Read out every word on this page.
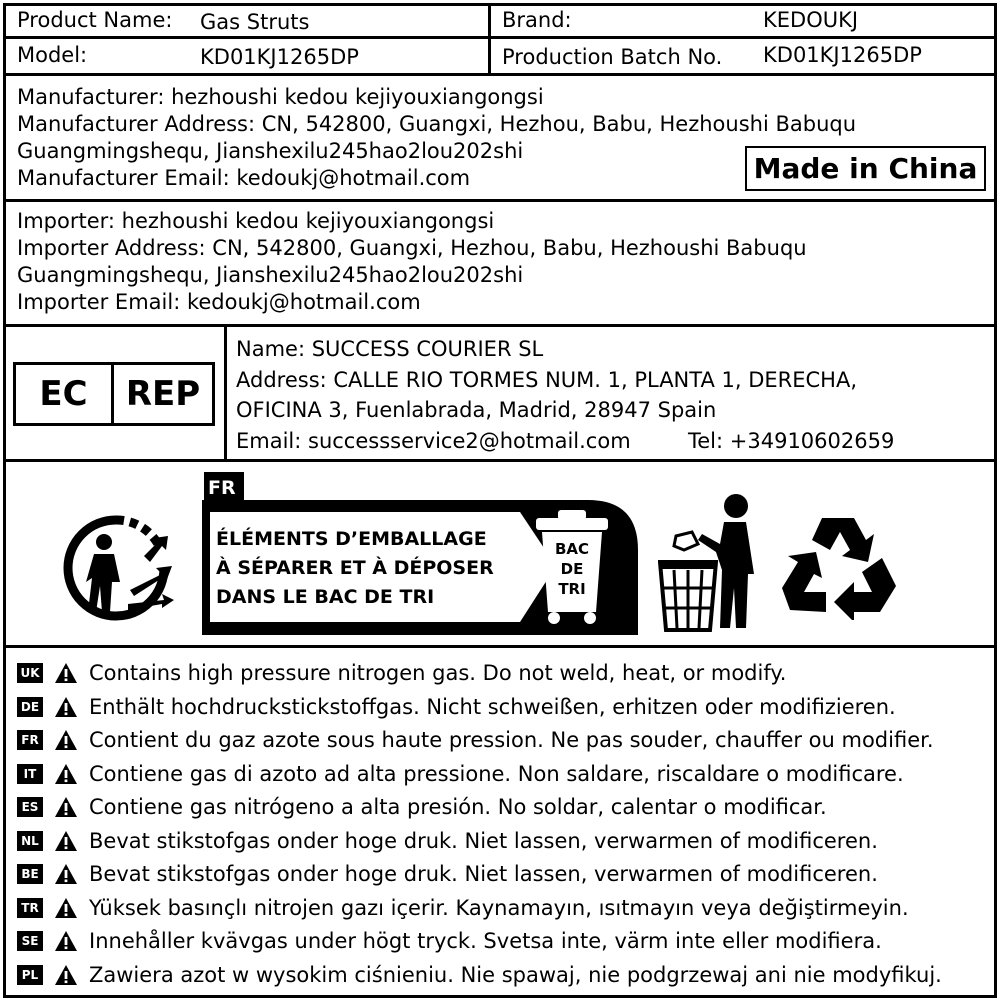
Product Name: Gas Struts	Brand:	KEDOUKJ
Model:	KD01KJ1265DP	Production Batch No. KD01KJ1265DP
Manufacturer: hezhoushi kedou kejiyouxiangongsi
Manufacturer Address: CN, 542800, Guangxi, Hezhou, Babu, Hezhoushi Babuqu
Guangmingshequ, Jianshexilu245hao2lou202shi
Manufacturer Email: kedoukj@hotmail.com	Made in China
Importer: hezhoushi kedou kejiyouxiangongsi
Importer Address: CN, 542800, Guangxi, Hezhou, Babu, Hezhoushi Babuqu
Guangmingshequ, Jianshexilu245hao2lou202shi
Importer Email: kedoukj@hotmail.com
EC	REP
Name: SUCCESS COURIER SL
Address: CALLE RIO TORMES NUM. 1, PLANTA 1, DERECHA,
OFICINA 3, Fuenlabrada, Madrid, 28947 Spain
Email: successservice2@hotmail.com	Tel: +34910602659
FR
ÉLÉMENTS D’EMBALLAGE
À SÉPARER ET À DÉPOSER
DANS LE BAC DE TRI
BAC
DE
TRI
UK Contains high pressure nitrogen gas. Do not weld, heat, or modify.
DE Enthält hochdruckstickstoffgas. Nicht schweißen, erhitzen oder modifizieren.
FR Contient du gaz azote sous haute pression. Ne pas souder, chauffer ou modifier.
IT	Contiene gas di azoto ad alta pressione. Non saldare, riscaldare o modificare.
ES Contiene gas nitrógeno a alta presión. No soldar, calentar o modificar.
NL Bevat stikstofgas onder hoge druk. Niet lassen, verwarmen of modificeren.
BE Bevat stikstofgas onder hoge druk. Niet lassen, verwarmen of modificeren.
TR Yüksek basınçlı nitrojen gazı içerir. Kaynamayın, ısıtmayın veya değiştirmeyin.
SE Innehåller kvävgas under högt tryck. Svetsa inte, värm inte eller modifiera.
PL Zawiera azot w wysokim ciśnieniu. Nie spawaj, nie podgrzewaj ani nie modyfikuj.
